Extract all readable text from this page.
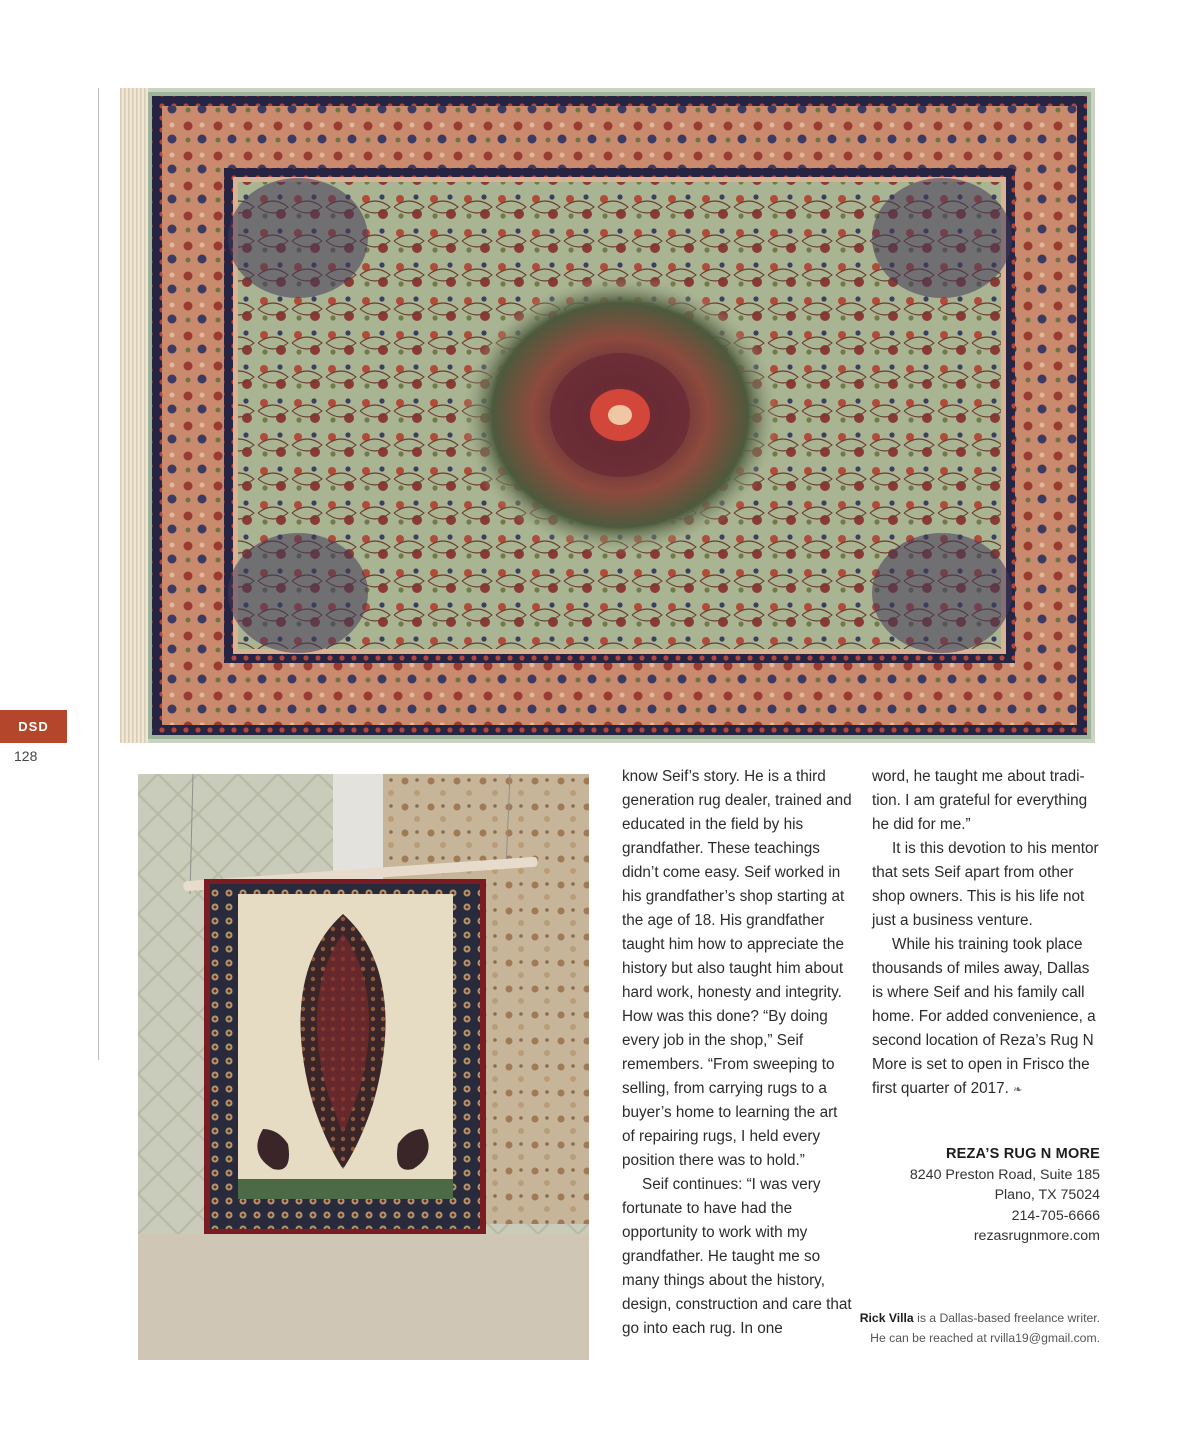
DSD
128

know Seif’s story. He is a third generation rug dealer, trained and educated in the field by his grandfather. These teachings didn’t come easy. Seif worked in his grandfather’s shop starting at the age of 18. His grandfather taught him how to appreciate the history but also taught him about hard work, honesty and integrity. How was this done? “By doing every job in the shop,” Seif remembers. “From sweeping to selling, from carrying rugs to a buyer’s home to learning the art of repairing rugs, I held every position there was to hold.”

Seif continues: “I was very fortunate to have had the opportunity to work with my grandfather. He taught me so many things about the history, design, construction and care that go into each rug. In one

word, he taught me about tradition. I am grateful for everything he did for me.”

It is this devotion to his mentor that sets Seif apart from other shop owners. This is his life not just a business venture.

While his training took place thousands of miles away, Dallas is where Seif and his family call home. For added convenience, a second location of Reza’s Rug N More is set to open in Frisco the first quarter of 2017. ❧

REZA’S RUG N MORE
8240 Preston Road, Suite 185
Plano, TX 75024
214-705-6666
rezasrugnmore.com
Rick Villa is a Dallas-based freelance writer. He can be reached at rvilla19@gmail.com.
